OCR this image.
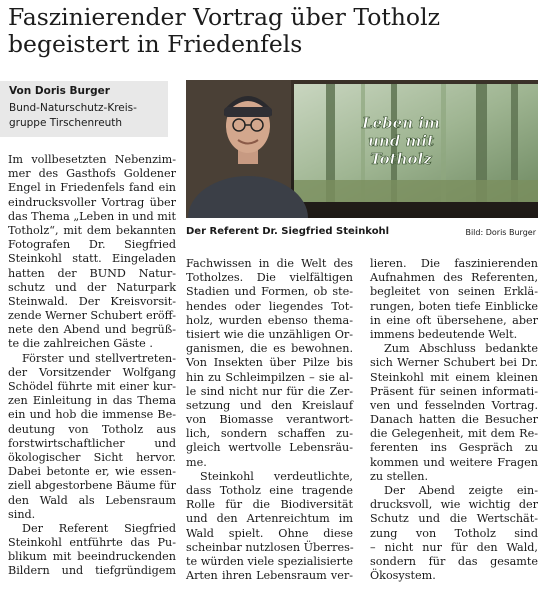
Faszinierender Vortrag über Totholz
begeistert in Friedenfels
Von Doris Burger
Bund-Naturschutz-Kreis-
gruppe Tirschenreuth	Leben im
und mit
Totholz
Der Referent Dr. Siegfried Steinkohl	Bild: Doris Burger
Im vollbesetzten Nebenzim-
mer des Gasthofs Goldener
Engel in Friedenfels fand ein
eindrucksvoller Vortrag über
das Thema „Leben in und mit
Totholz“, mit dem bekannten
Fotografen Dr. Siegfried
Steinkohl statt. Eingeladen
hatten der BUND Natur-
schutz und der Naturpark
Steinwald. Der Kreisvorsit-
zende Werner Schubert eröff-
nete den Abend und begrüß-
te die zahlreichen Gäste .
Förster und stellvertreten-
der Vorsitzender Wolfgang
Schödel führte mit einer kur-
zen Einleitung in das Thema
ein und hob die immense Be-
deutung von Totholz aus
forstwirtschaftlicher und
ökologischer Sicht hervor.
Dabei betonte er, wie essen-
ziell abgestorbene Bäume für
den Wald als Lebensraum
sind.
Der Referent Siegfried
Steinkohl entführte das Pu-
blikum mit beeindruckenden
Bildern und tiefgründigem
Fachwissen in die Welt des
Totholzes. Die vielfältigen
Stadien und Formen, ob ste-
hendes oder liegendes Tot-
holz, wurden ebenso thema-
tisiert wie die unzähligen Or-
ganismen, die es bewohnen.
Von Insekten über Pilze bis
hin zu Schleimpilzen – sie al-
le sind nicht nur für die Zer-
setzung und den Kreislauf
von Biomasse verantwort-
lich, sondern schaffen zu-
gleich wertvolle Lebensräu-
me.
Steinkohl verdeutlichte,
dass Totholz eine tragende
Rolle für die Biodiversität
und den Artenreichtum im
Wald spielt. Ohne diese
scheinbar nutzlosen Überres-
te würden viele spezialisierte
Arten ihren Lebensraum ver-
lieren. Die faszinierenden
Aufnahmen des Referenten,
begleitet von seinen Erklä-
rungen, boten tiefe Einblicke
in eine oft übersehene, aber
immens bedeutende Welt.
Zum Abschluss bedankte
sich Werner Schubert bei Dr.
Steinkohl mit einem kleinen
Präsent für seinen informati-
ven und fesselnden Vortrag.
Danach hatten die Besucher
die Gelegenheit, mit dem Re-
ferenten ins Gespräch zu
kommen und weitere Fragen
zu stellen.
Der Abend zeigte ein-
drucksvoll, wie wichtig der
Schutz und die Wertschät-
zung von Totholz sind
– nicht nur für den Wald,
sondern für das gesamte
Ökosystem.
